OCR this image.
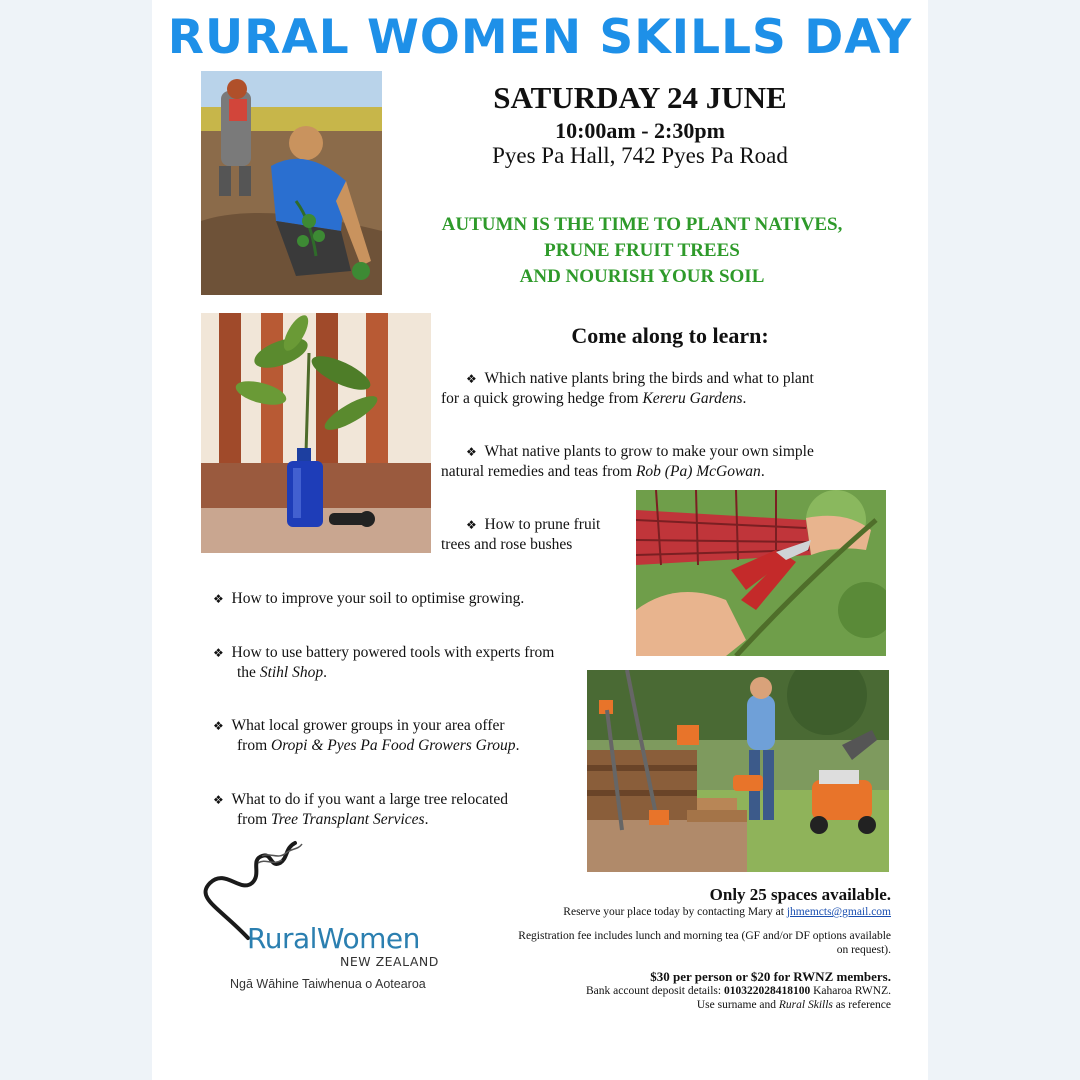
RURAL WOMEN SKILLS DAY
SATURDAY 24 JUNE
10:00am - 2:30pm
Pyes Pa Hall, 742 Pyes Pa Road
AUTUMN IS THE TIME TO PLANT NATIVES,
PRUNE FRUIT TREES
AND NOURISH YOUR SOIL
Come along to learn:
❖ Which native plants bring the birds and what to plant
for a quick growing hedge from Kereru Gardens.
❖ What native plants to grow to make your own simple
natural remedies and teas from Rob (Pa) McGowan.
❖ How to prune fruit
trees and rose bushes
❖ How to improve your soil to optimise growing.
❖ How to use battery powered tools with experts from
the Stihl Shop.
❖ What local grower groups in your area offer
from Oropi & Pyes Pa Food Growers Group.
❖ What to do if you want a large tree relocated
from Tree Transplant Services.
RuralWomen
NEW ZEALAND
Ngā Wāhine Taiwhenua o Aotearoa
Only 25 spaces available.
Reserve your place today by contacting Mary at jhmemcts@gmail.com
Registration fee includes lunch and morning tea (GF and/or DF options available
on request).
$30 per person or $20 for RWNZ members.
Bank account deposit details: 010322028418100 Kaharoa RWNZ.
Use surname and Rural Skills as reference
